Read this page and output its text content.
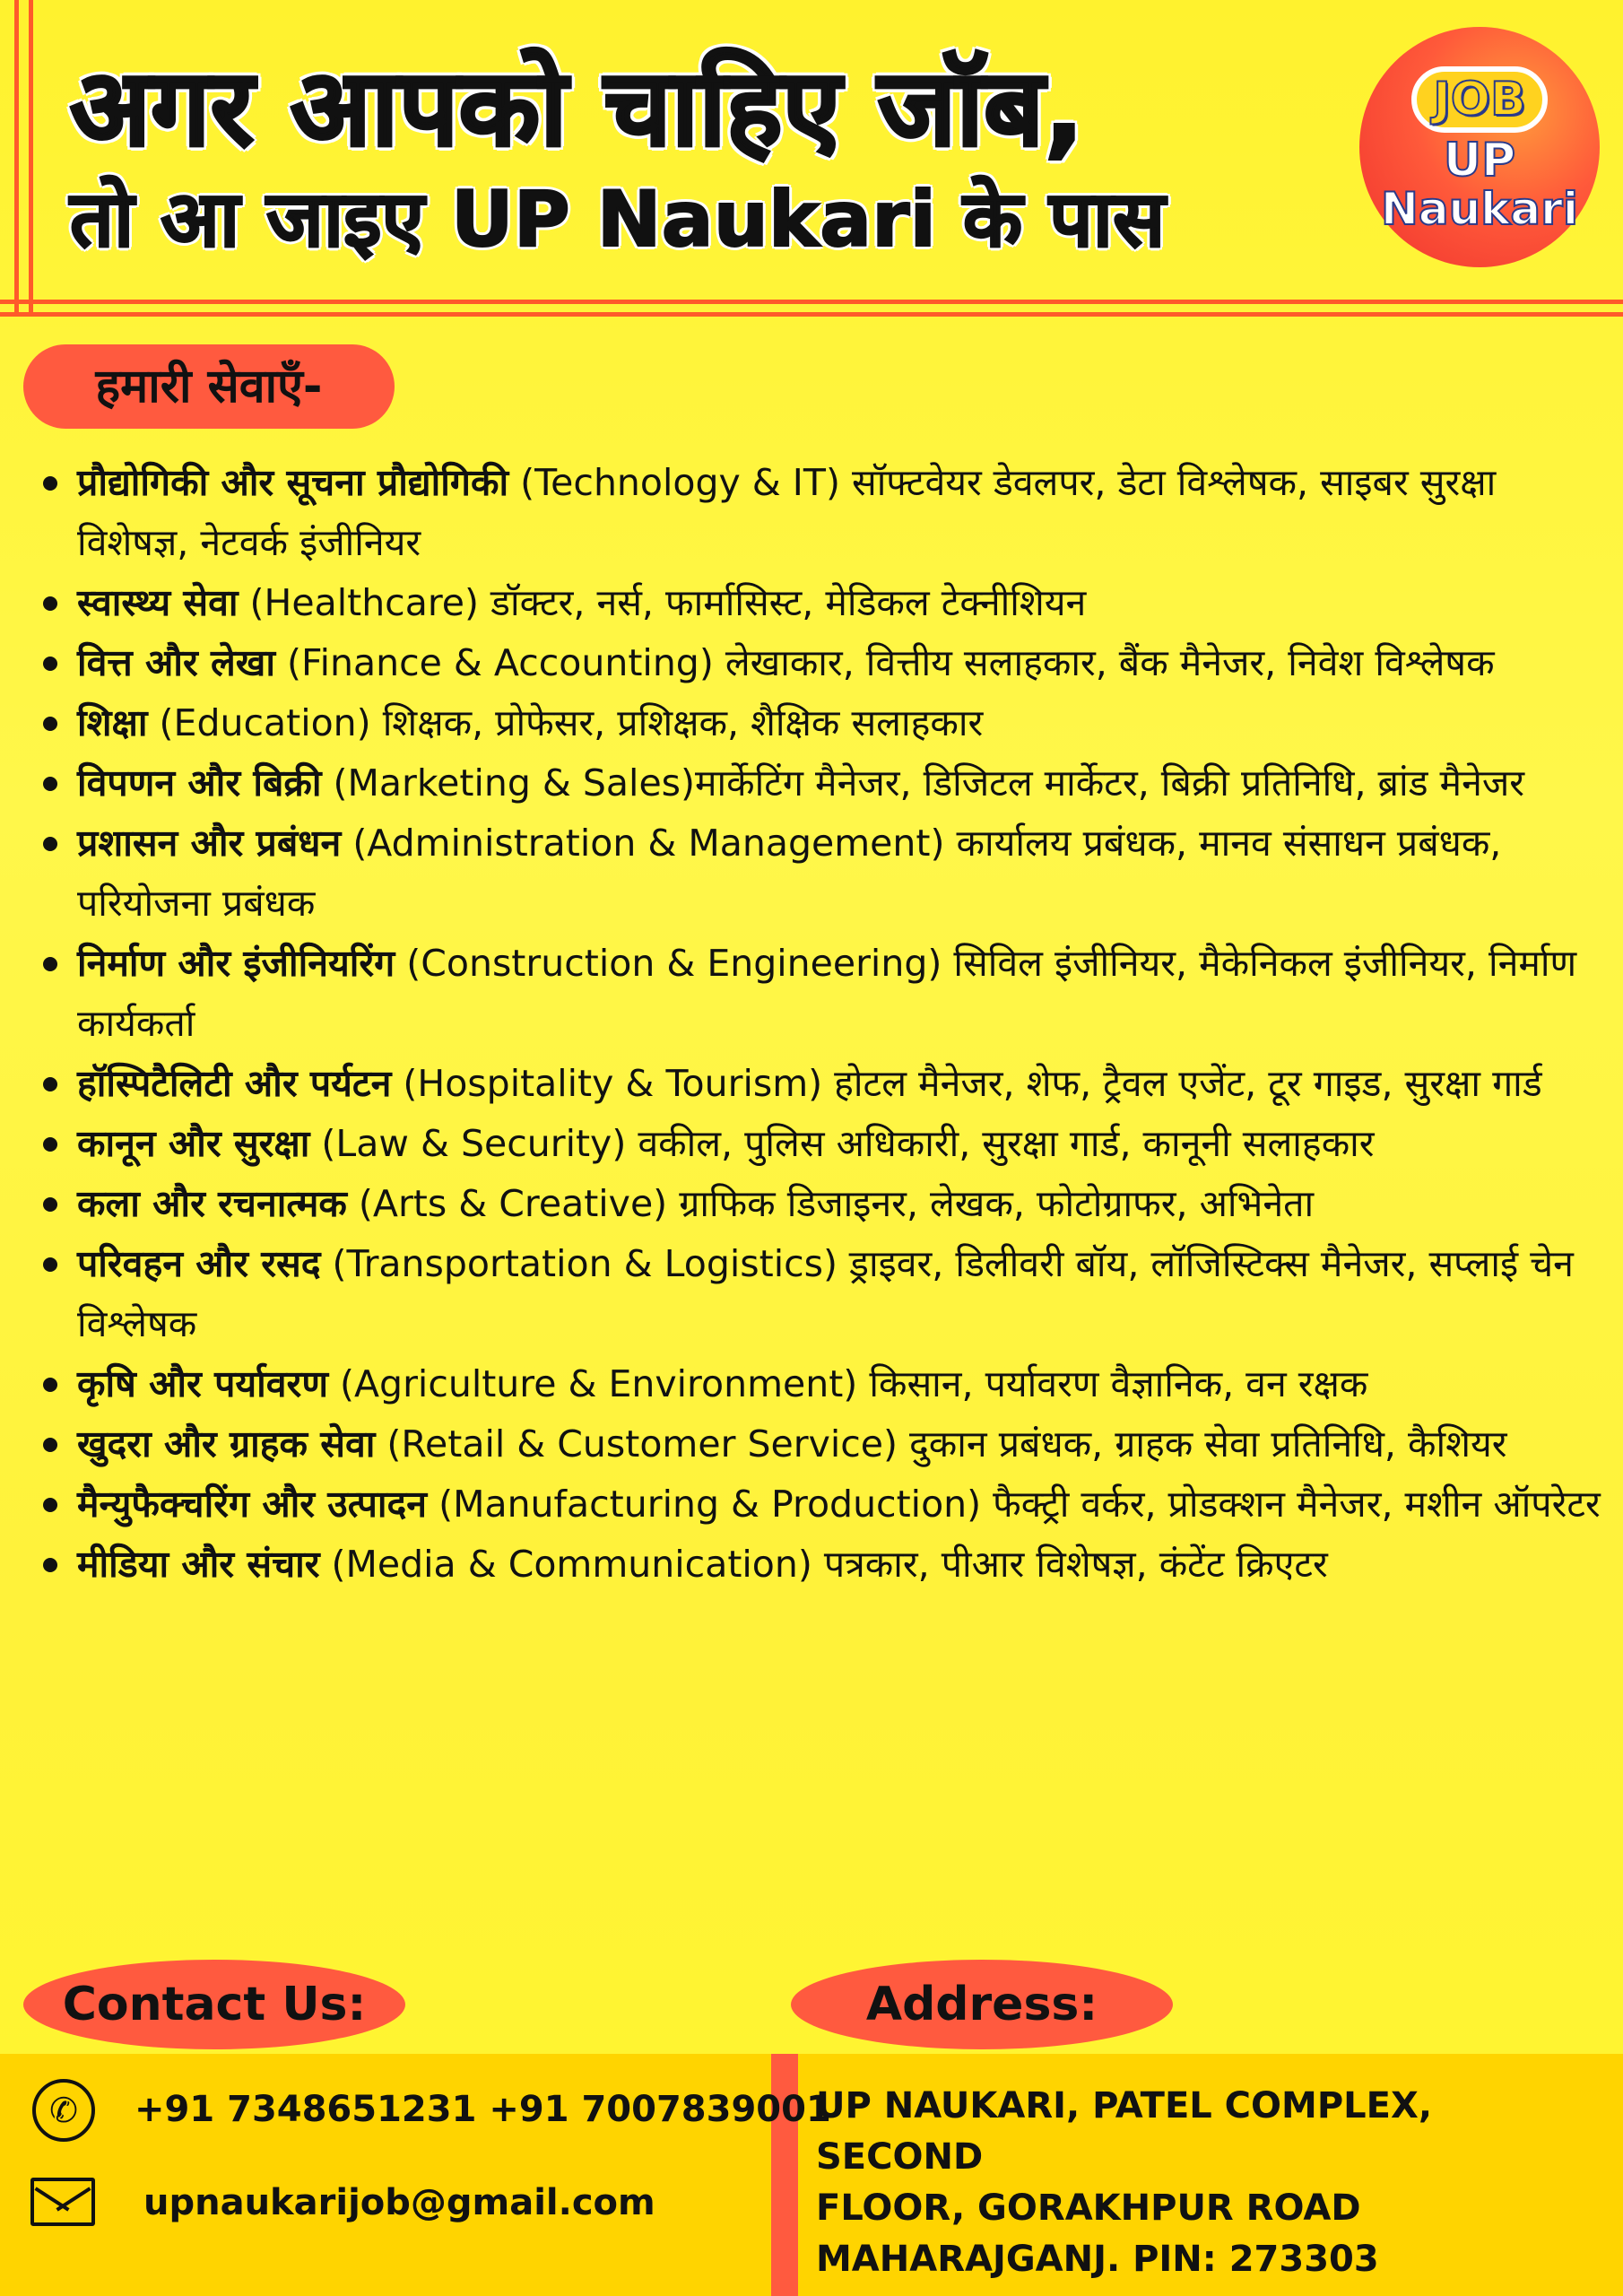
अगर आपको चाहिए जॉब,
तो आ जाइए UP Naukari के पास
JOB
UP
Naukari
हमारी सेवाएँ-
प्रौद्योगिकी और सूचना प्रौद्योगिकी (Technology & IT) सॉफ्टवेयर डेवलपर, डेटा विश्लेषक, साइबर सुरक्षा विशेषज्ञ, नेटवर्क इंजीनियर
स्वास्थ्य सेवा (Healthcare) डॉक्टर, नर्स, फार्मासिस्ट, मेडिकल टेक्नीशियन
वित्त और लेखा (Finance & Accounting) लेखाकार, वित्तीय सलाहकार, बैंक मैनेजर, निवेश विश्लेषक
शिक्षा (Education) शिक्षक, प्रोफेसर, प्रशिक्षक, शैक्षिक सलाहकार
विपणन और बिक्री (Marketing & Sales)मार्केटिंग मैनेजर, डिजिटल मार्केटर, बिक्री प्रतिनिधि, ब्रांड मैनेजर
प्रशासन और प्रबंधन (Administration & Management) कार्यालय प्रबंधक, मानव संसाधन प्रबंधक, परियोजना प्रबंधक
निर्माण और इंजीनियरिंग (Construction & Engineering) सिविल इंजीनियर, मैकेनिकल इंजीनियर, निर्माण कार्यकर्ता
हॉस्पिटैलिटी और पर्यटन (Hospitality & Tourism) होटल मैनेजर, शेफ, ट्रैवल एजेंट, टूर गाइड, सुरक्षा गार्ड
कानून और सुरक्षा (Law & Security) वकील, पुलिस अधिकारी, सुरक्षा गार्ड, कानूनी सलाहकार
कला और रचनात्मक (Arts & Creative) ग्राफिक डिजाइनर, लेखक, फोटोग्राफर, अभिनेता
परिवहन और रसद (Transportation & Logistics) ड्राइवर, डिलीवरी बॉय, लॉजिस्टिक्स मैनेजर, सप्लाई चेन विश्लेषक
कृषि और पर्यावरण (Agriculture & Environment) किसान, पर्यावरण वैज्ञानिक, वन रक्षक
खुदरा और ग्राहक सेवा (Retail & Customer Service) दुकान प्रबंधक, ग्राहक सेवा प्रतिनिधि, कैशियर
मैन्युफैक्चरिंग और उत्पादन (Manufacturing & Production) फैक्ट्री वर्कर, प्रोडक्शन मैनेजर, मशीन ऑपरेटर
मीडिया और संचार (Media & Communication) पत्रकार, पीआर विशेषज्ञ, कंटेंट क्रिएटर
Contact Us:	Address:
✆	+91 7348651231 +91 7007839001
upnaukarijob@gmail.com
UP NAUKARI, PATEL COMPLEX, SECOND
FLOOR, GORAKHPUR ROAD
MAHARAJGANJ. PIN: 273303
